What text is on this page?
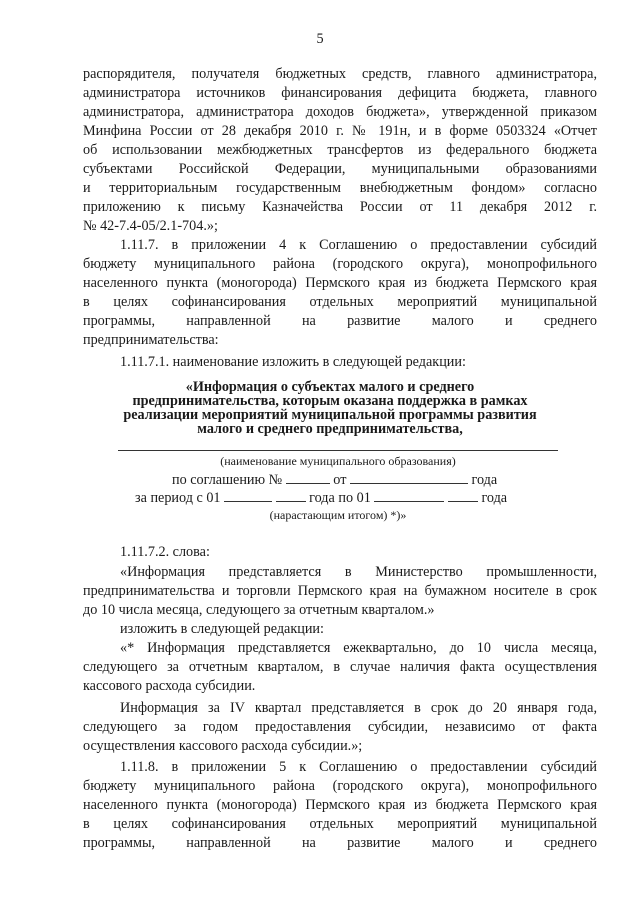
5

распорядителя, получателя бюджетных средств, главного администратора,

администратора источников финансирования дефицита бюджета, главного

администратора, администратора доходов бюджета», утвержденной приказом

Минфина России от 28 декабря 2010 г. № 191н, и в форме 0503324 «Отчет

об использовании межбюджетных трансфертов из федерального бюджета

субъектами Российской Федерации, муниципальными образованиями

и территориальным государственным внебюджетным фондом» согласно

приложению к письму Казначейства России от 11 декабря 2012 г.

№ 42-7.4-05/2.1-704.»;

1.11.7. в приложении 4 к Соглашению о предоставлении субсидий

бюджету муниципального района (городского округа), монопрофильного

населенного пункта (моногорода) Пермского края из бюджета Пермского края

в целях софинансирования отдельных мероприятий муниципальной

программы, направленной на развитие малого и среднего

предпринимательства:

1.11.7.1. наименование изложить в следующей редакции:

«Информация о субъектах малого и среднего
предпринимательства, которым оказана поддержка в рамках
реализации мероприятий муниципальной программы развития
малого и среднего предпринимательства,

(наименование муниципального образования)

по соглашению №	от	года
за период с 01	года по 01	года

(нарастающим итогом) *)»

1.11.7.2. слова:

«Информация представляется в Министерство промышленности,

предпринимательства и торговли Пермского края на бумажном носителе в срок

до 10 числа месяца, следующего за отчетным кварталом.»

изложить в следующей редакции:

«* Информация представляется ежеквартально, до 10 числа месяца,

следующего за отчетным кварталом, в случае наличия факта осуществления

кассового расхода субсидии.

Информация за IV квартал представляется в срок до 20 января года,

следующего за годом предоставления субсидии, независимо от факта

осуществления кассового расхода субсидии.»;

1.11.8. в приложении 5 к Соглашению о предоставлении субсидий

бюджету муниципального района (городского округа), монопрофильного

населенного пункта (моногорода) Пермского края из бюджета Пермского края

в целях софинансирования отдельных мероприятий муниципальной

программы, направленной на развитие малого и среднего
